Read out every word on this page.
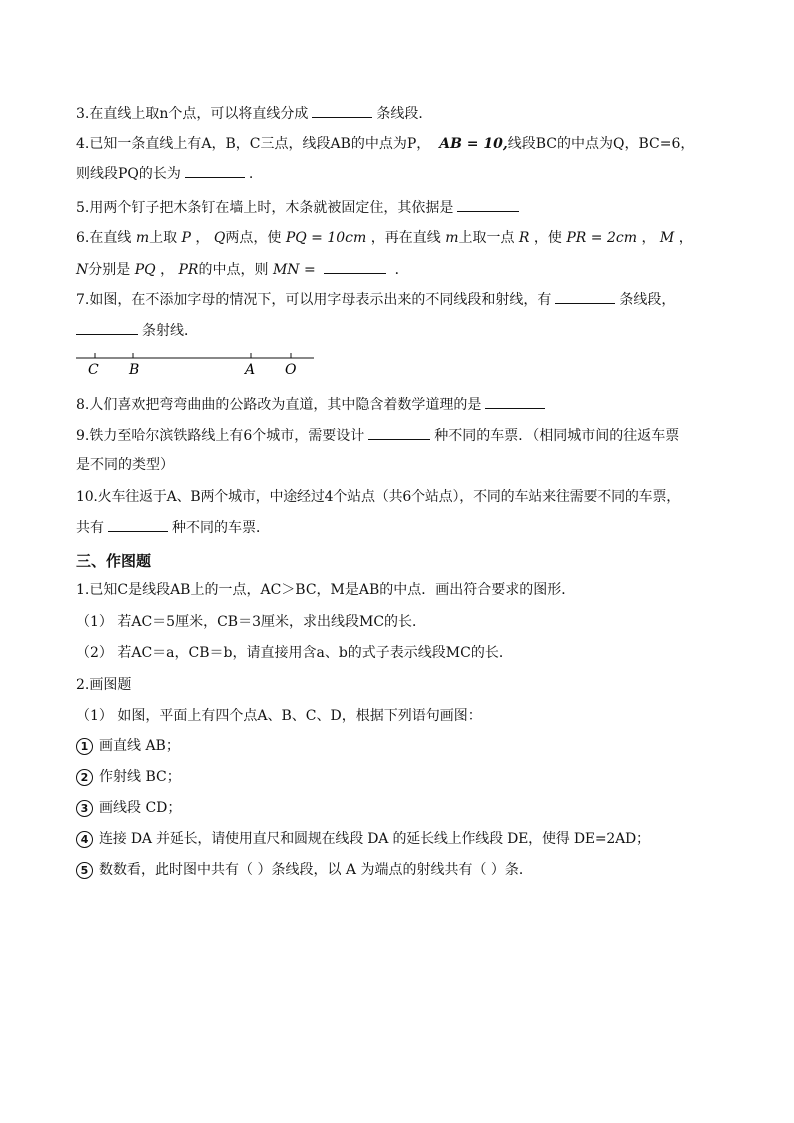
3.在直线上取n个点，可以将直线分成	条线段．
4.已知一条直线上有A，B，C三点，线段AB的中点为P， AB = 10,线段BC的中点为Q，BC=6，
则线段PQ的长为	.
5.用两个钉子把木条钉在墙上时，木条就被固定住，其依据是
6.在直线 m上取 P ， Q两点，使 PQ = 10cm ，再在直线 m上取一点 R ，使 PR = 2cm ， M ，
N分别是 PQ ， PR的中点，则 MN =	．
7.如图，在不添加字母的情况下，可以用字母表示出来的不同线段和射线，有	条线段，
条射线．
C B	A O
8.人们喜欢把弯弯曲曲的公路改为直道，其中隐含着数学道理的是
9.铁力至哈尔滨铁路线上有6个城市，需要设计	种不同的车票．（相同城市间的往返车票
是不同的类型）
10.火车往返于A、B两个城市，中途经过4个站点（共6个站点），不同的车站来往需要不同的车票，
共有	种不同的车票．
三、作图题
1.已知C是线段AB上的一点，AC＞BC，M是AB的中点．画出符合要求的图形．
（1） 若AC＝5厘米，CB＝3厘米，求出线段MC的长．
（2） 若AC＝a，CB＝b，请直接用含a、b的式子表示线段MC的长．
2.画图题
（1） 如图，平面上有四个点A、B、C、D，根据下列语句画图：
1 画直线 AB；
2 作射线 BC；
3 画线段 CD；
4 连接 DA 并延长，请使用直尺和圆规在线段 DA 的延长线上作线段 DE，使得 DE=2AD；
5 数数看，此时图中共有（ ）条线段，以 A 为端点的射线共有（ ）条．
